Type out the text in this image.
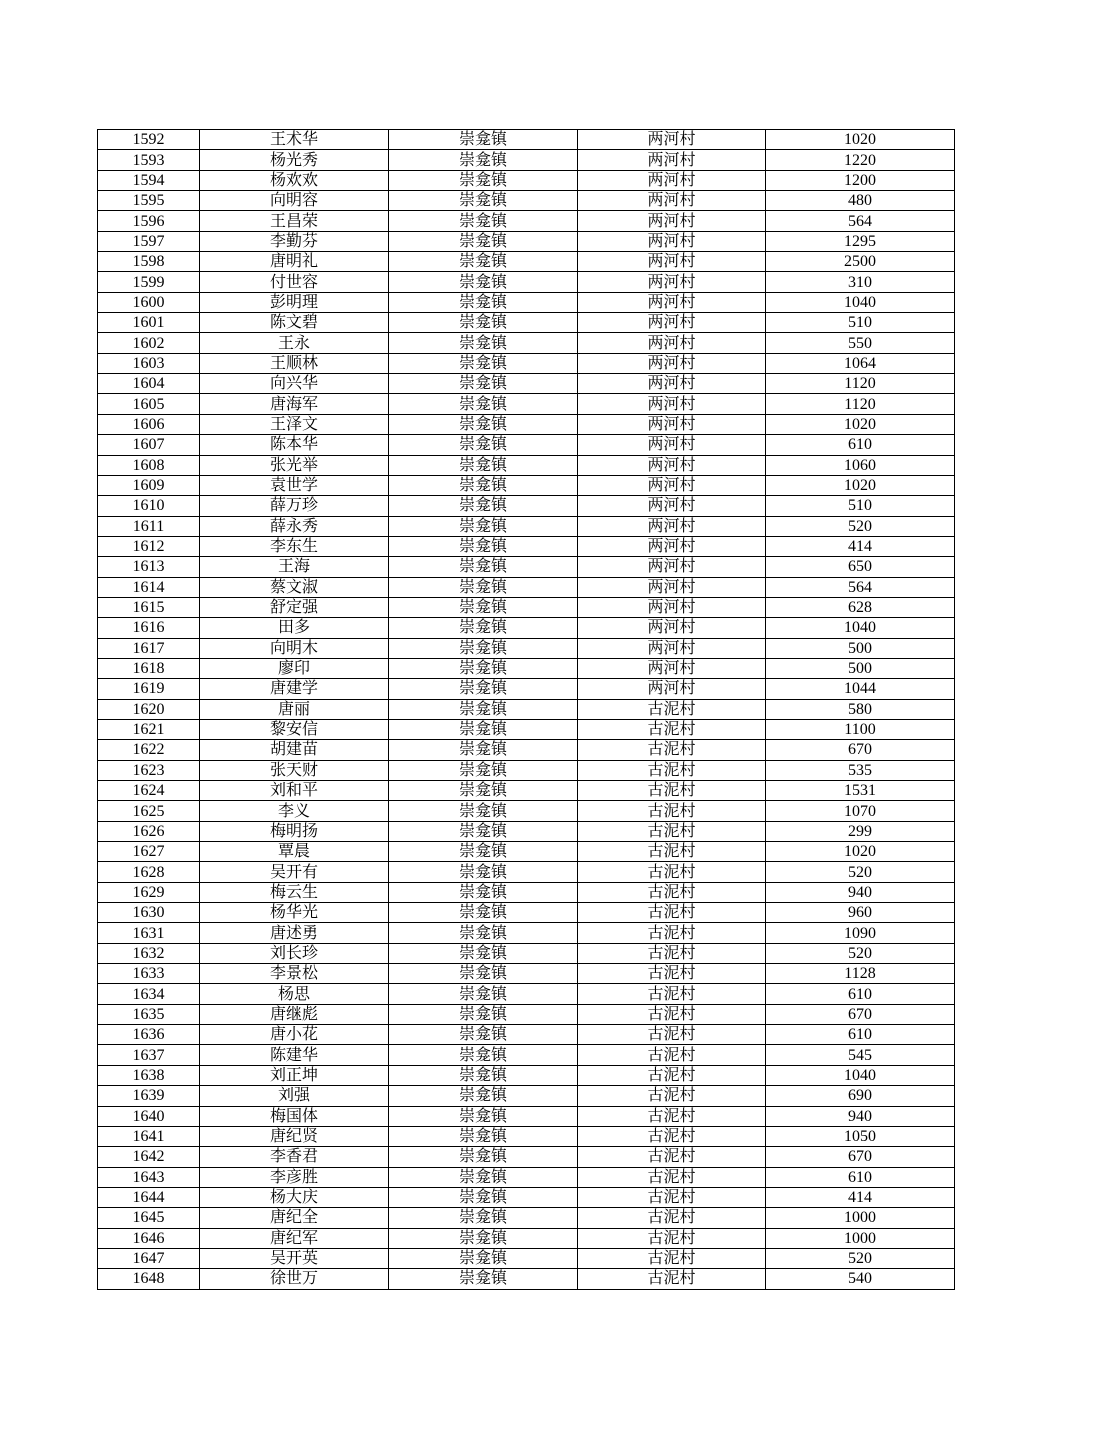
1592	王术华	崇龛镇	两河村	1020
1593	杨光秀	崇龛镇	两河村	1220
1594	杨欢欢	崇龛镇	两河村	1200
1595	向明容	崇龛镇	两河村	480
1596	王昌荣	崇龛镇	两河村	564
1597	李勤芬	崇龛镇	两河村	1295
1598	唐明礼	崇龛镇	两河村	2500
1599	付世容	崇龛镇	两河村	310
1600	彭明理	崇龛镇	两河村	1040
1601	陈文碧	崇龛镇	两河村	510
1602	王永	崇龛镇	两河村	550
1603	王顺林	崇龛镇	两河村	1064
1604	向兴华	崇龛镇	两河村	1120
1605	唐海军	崇龛镇	两河村	1120
1606	王泽文	崇龛镇	两河村	1020
1607	陈本华	崇龛镇	两河村	610
1608	张光举	崇龛镇	两河村	1060
1609	袁世学	崇龛镇	两河村	1020
1610	薛万珍	崇龛镇	两河村	510
1611	薛永秀	崇龛镇	两河村	520
1612	李东生	崇龛镇	两河村	414
1613	王海	崇龛镇	两河村	650
1614	蔡文淑	崇龛镇	两河村	564
1615	舒定强	崇龛镇	两河村	628
1616	田多	崇龛镇	两河村	1040
1617	向明木	崇龛镇	两河村	500
1618	廖印	崇龛镇	两河村	500
1619	唐建学	崇龛镇	两河村	1044
1620	唐丽	崇龛镇	古泥村	580
1621	黎安信	崇龛镇	古泥村	1100
1622	胡建苗	崇龛镇	古泥村	670
1623	张天财	崇龛镇	古泥村	535
1624	刘和平	崇龛镇	古泥村	1531
1625	李义	崇龛镇	古泥村	1070
1626	梅明扬	崇龛镇	古泥村	299
1627	覃晨	崇龛镇	古泥村	1020
1628	吴开有	崇龛镇	古泥村	520
1629	梅云生	崇龛镇	古泥村	940
1630	杨华光	崇龛镇	古泥村	960
1631	唐述勇	崇龛镇	古泥村	1090
1632	刘长珍	崇龛镇	古泥村	520
1633	李景松	崇龛镇	古泥村	1128
1634	杨思	崇龛镇	古泥村	610
1635	唐继彪	崇龛镇	古泥村	670
1636	唐小花	崇龛镇	古泥村	610
1637	陈建华	崇龛镇	古泥村	545
1638	刘正坤	崇龛镇	古泥村	1040
1639	刘强	崇龛镇	古泥村	690
1640	梅国体	崇龛镇	古泥村	940
1641	唐纪贤	崇龛镇	古泥村	1050
1642	李香君	崇龛镇	古泥村	670
1643	李彦胜	崇龛镇	古泥村	610
1644	杨大庆	崇龛镇	古泥村	414
1645	唐纪全	崇龛镇	古泥村	1000
1646	唐纪军	崇龛镇	古泥村	1000
1647	吴开英	崇龛镇	古泥村	520
1648	徐世万	崇龛镇	古泥村	540
